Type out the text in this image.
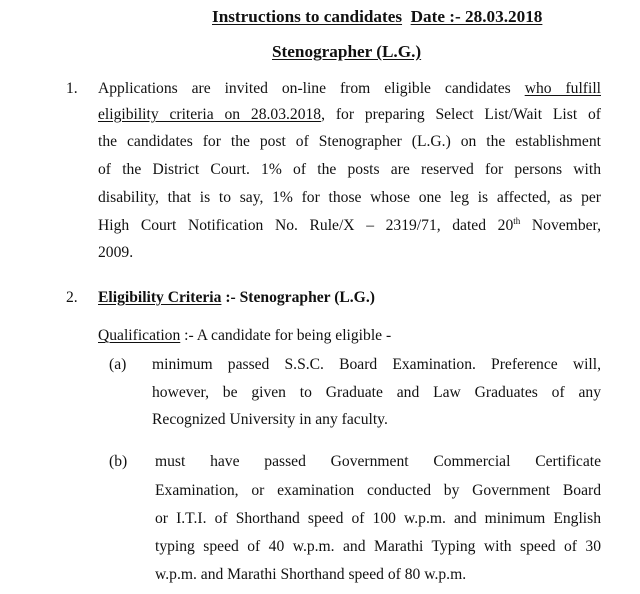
Instructions to candidates Date :- 28.03.2018
Stenographer (L.G.)
1. Applications are invited on-line from eligible candidates who fulfill
eligibility criteria on 28.03.2018, for preparing Select List/Wait List of
the candidates for the post of Stenographer (L.G.) on the establishment
of the District Court. 1% of the posts are reserved for persons with
disability, that is to say, 1% for those whose one leg is affected, as per
High Court Notification No. Rule/X – 2319/71, dated 20th November,
2009.
2. Eligibility Criteria :- Stenographer (L.G.)
Qualification :- A candidate for being eligible -
(a) minimum passed S.S.C. Board Examination. Preference will,
however, be given to Graduate and Law Graduates of any
Recognized University in any faculty.
(b) must have passed Government Commercial Certificate
Examination, or examination conducted by Government Board
or I.T.I. of Shorthand speed of 100 w.p.m. and minimum English
typing speed of 40 w.p.m. and Marathi Typing with speed of 30
w.p.m. and Marathi Shorthand speed of 80 w.p.m.
